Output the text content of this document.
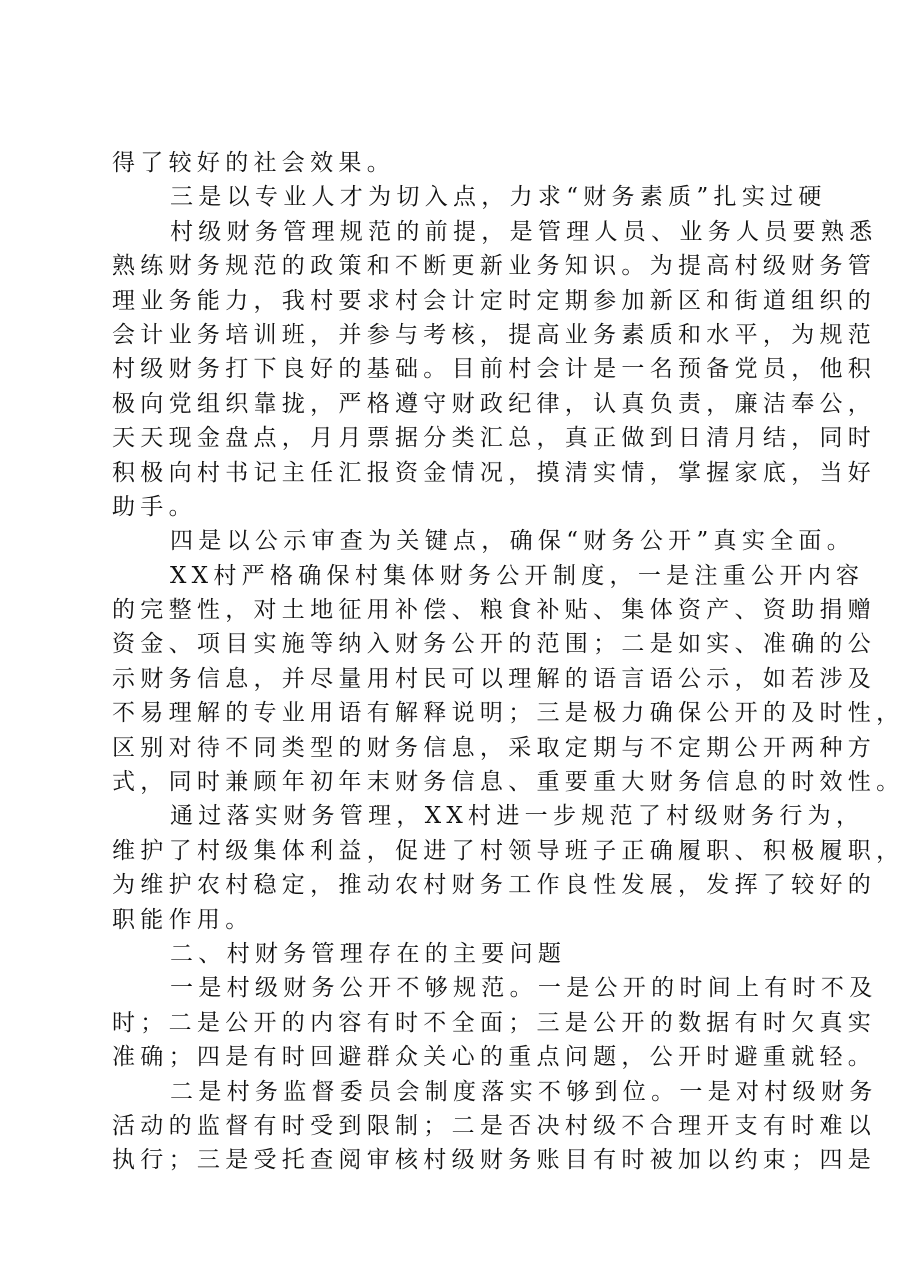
得了较好的社会效果。
三是以专业人才为切入点，力求“财务素质”扎实过硬
村级财务管理规范的前提，是管理人员、业务人员要熟悉
熟练财务规范的政策和不断更新业务知识。为提高村级财务管
理业务能力，我村要求村会计定时定期参加新区和街道组织的
会计业务培训班，并参与考核，提高业务素质和水平，为规范
村级财务打下良好的基础。目前村会计是一名预备党员，他积
极向党组织靠拢，严格遵守财政纪律，认真负责，廉洁奉公，
天天现金盘点，月月票据分类汇总，真正做到日清月结，同时
积极向村书记主任汇报资金情况，摸清实情，掌握家底，当好
助手。
四是以公示审查为关键点，确保“财务公开”真实全面。
XX村严格确保村集体财务公开制度，一是注重公开内容
的完整性，对土地征用补偿、粮食补贴、集体资产、资助捐赠
资金、项目实施等纳入财务公开的范围；二是如实、准确的公
示财务信息，并尽量用村民可以理解的语言语公示，如若涉及
不易理解的专业用语有解释说明；三是极力确保公开的及时性，
区别对待不同类型的财务信息，采取定期与不定期公开两种方
式，同时兼顾年初年末财务信息、重要重大财务信息的时效性。
通过落实财务管理，XX村进一步规范了村级财务行为，
维护了村级集体利益，促进了村领导班子正确履职、积极履职，
为维护农村稳定，推动农村财务工作良性发展，发挥了较好的
职能作用。
二、村财务管理存在的主要问题
一是村级财务公开不够规范。一是公开的时间上有时不及
时；二是公开的内容有时不全面；三是公开的数据有时欠真实
准确；四是有时回避群众关心的重点问题，公开时避重就轻。
二是村务监督委员会制度落实不够到位。一是对村级财务
活动的监督有时受到限制；二是否决村级不合理开支有时难以
执行；三是受托查阅审核村级财务账目有时被加以约束；四是
